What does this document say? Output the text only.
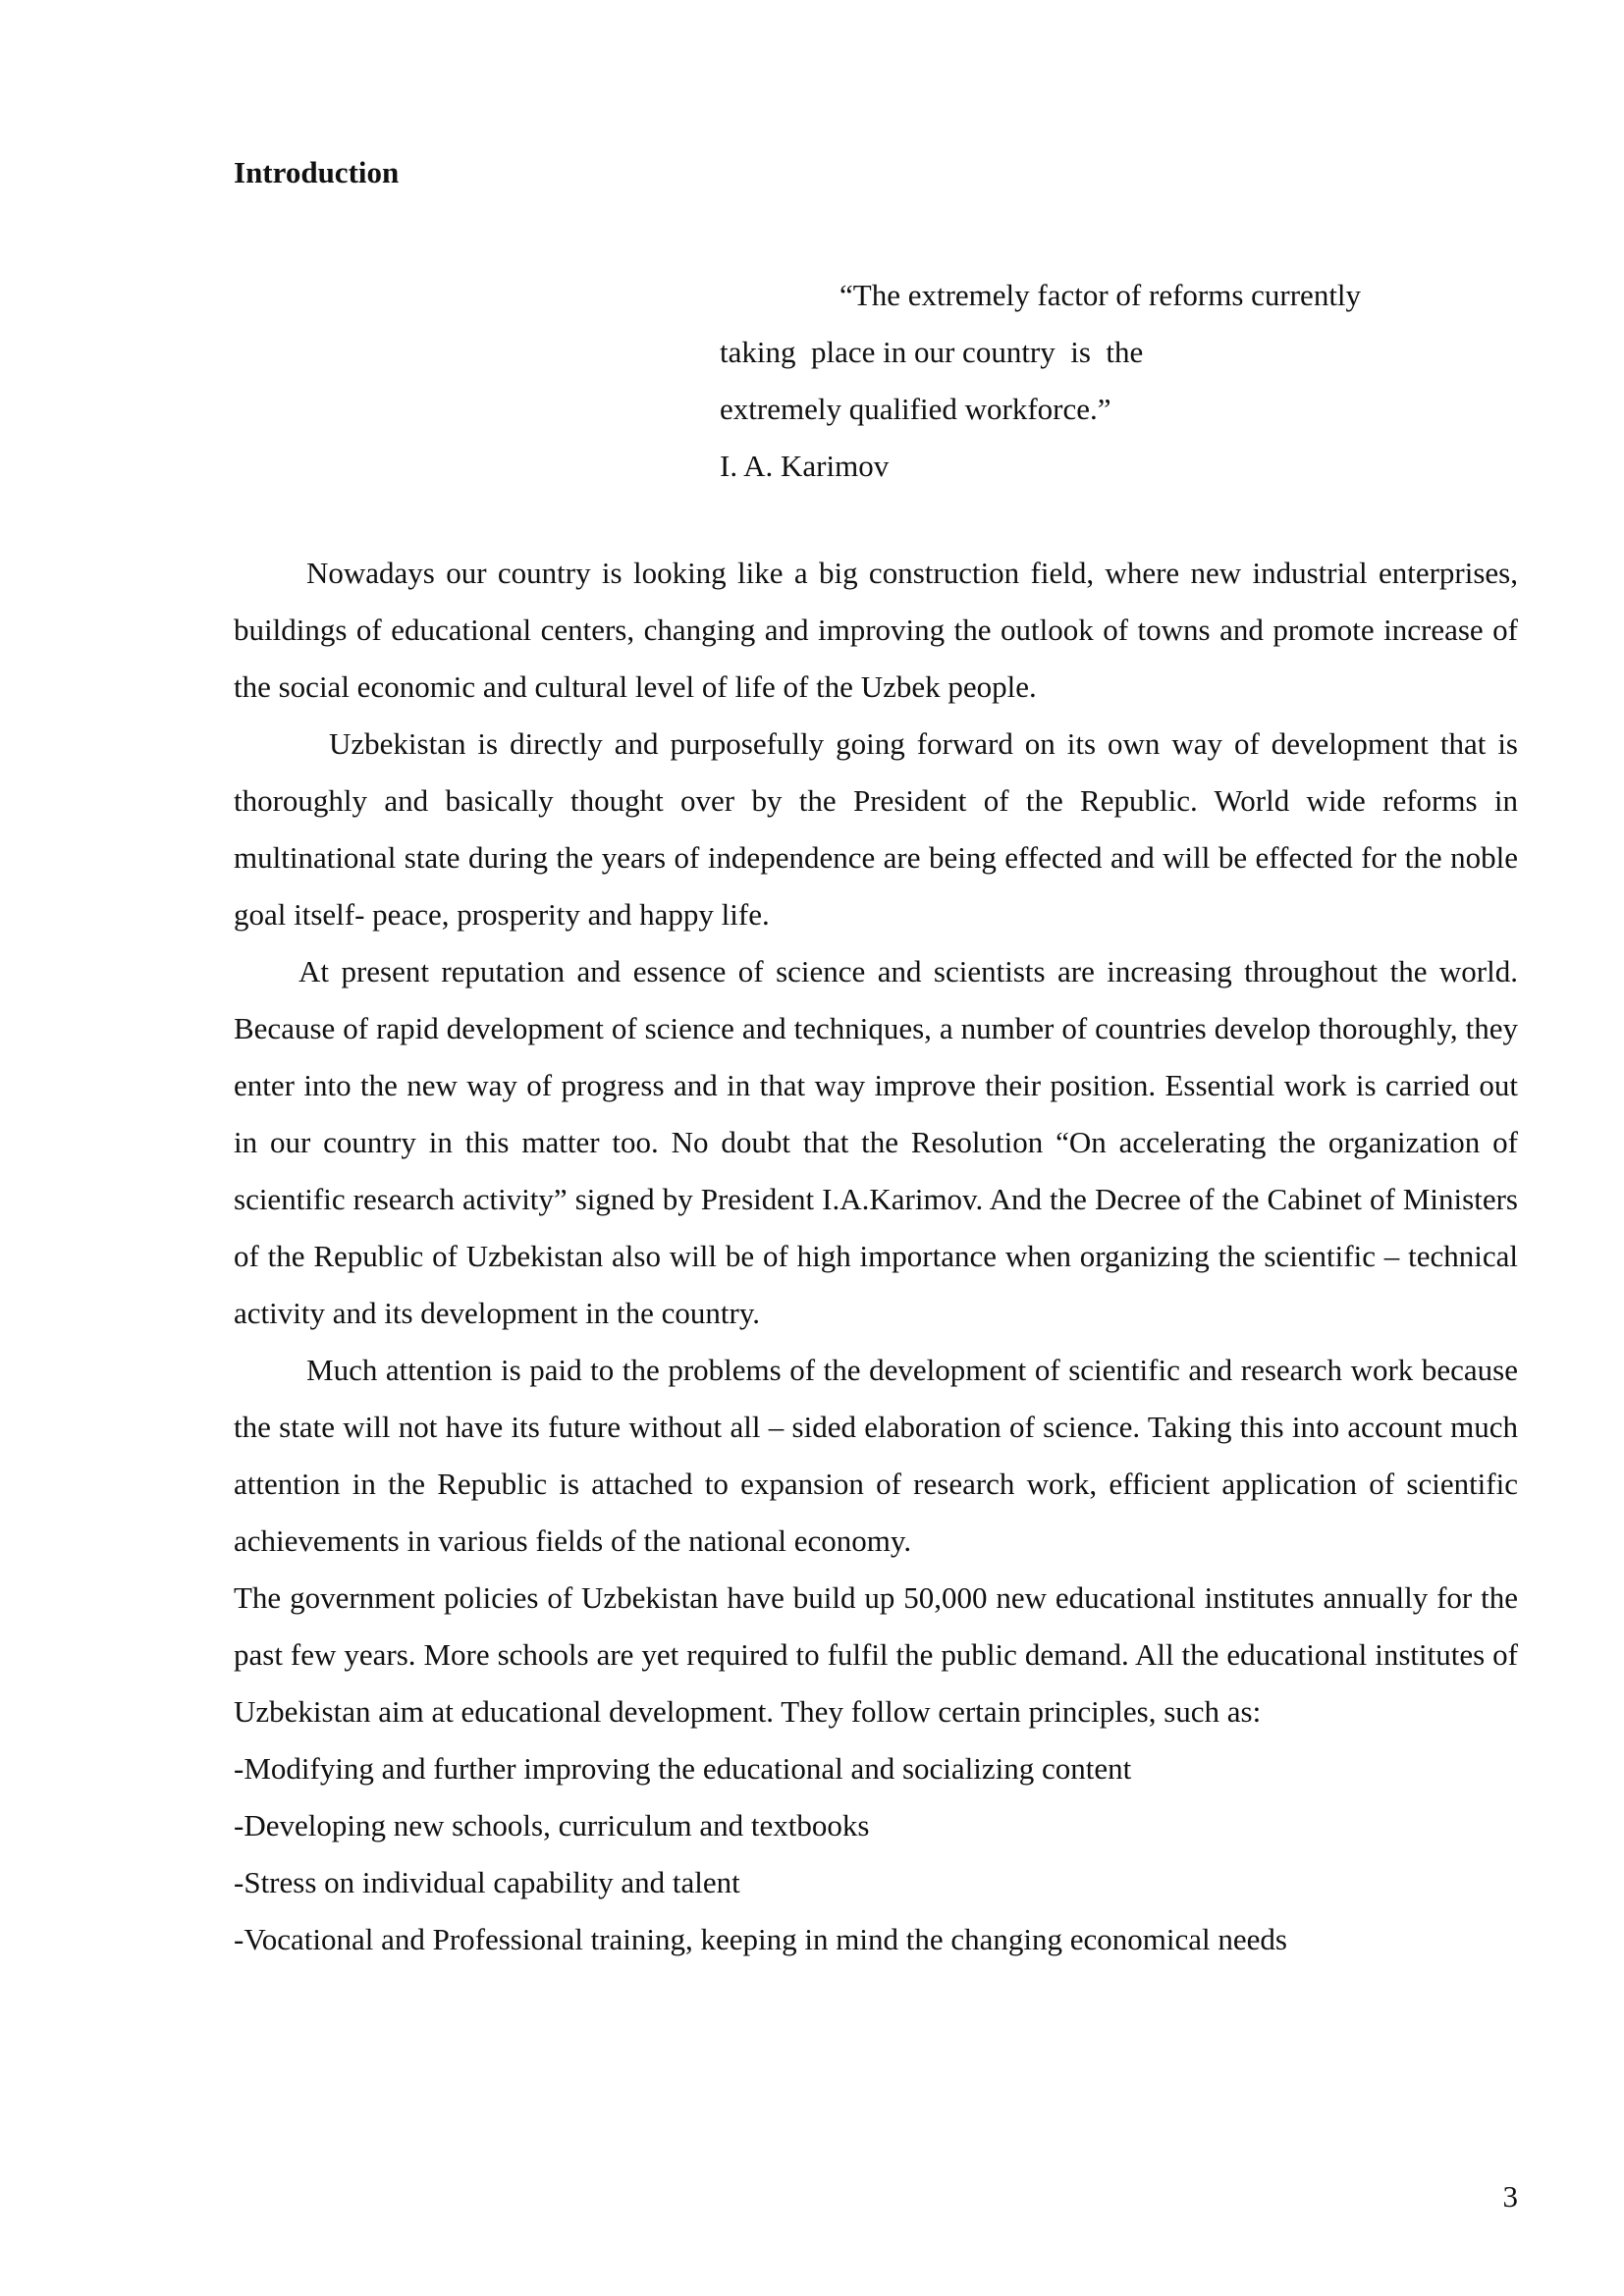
Introduction
“The extremely factor of reforms currently
taking  place in our country  is  the
extremely qualified workforce.”
I. A. Karimov

Nowadays our country is looking like a big construction field, where new industrial enterprises, buildings of educational centers, changing and improving the outlook of towns and promote increase of the social economic and cultural level of life of the Uzbek people.

Uzbekistan is directly and purposefully going forward on its own way of development that is thoroughly and basically thought over by the President of the Republic. World wide reforms in multinational state during the years of independence are being effected and will be effected for the noble goal itself- peace, prosperity and happy life.

At present reputation and essence of science and scientists are increasing throughout the world. Because of rapid development of science and techniques, a number of countries develop thoroughly, they enter into the new way of progress and in that way improve their position. Essential work is carried out in our country in this matter too. No doubt that the Resolution “On accelerating the organization of scientific research activity” signed by President I.A.Karimov. And the Decree of the Cabinet of Ministers of the Republic of Uzbekistan also will be of high importance when organizing the scientific – technical activity and its development in the country.

Much attention is paid to the problems of the development of scientific and research work because the state will not have its future without all – sided elaboration of science. Taking this into account much attention in the Republic is attached to expansion of research work, efficient application of scientific achievements in various fields of the national economy.

The government policies of Uzbekistan have build up 50,000 new educational institutes annually for the past few years. More schools are yet required to fulfil the public demand. All the educational institutes of Uzbekistan aim at educational development. They follow certain principles, such as:

-Modifying and further improving the educational and socializing content

-Developing new schools, curriculum and textbooks

-Stress on individual capability and talent

-Vocational and Professional training, keeping in mind the changing economical needs

3
